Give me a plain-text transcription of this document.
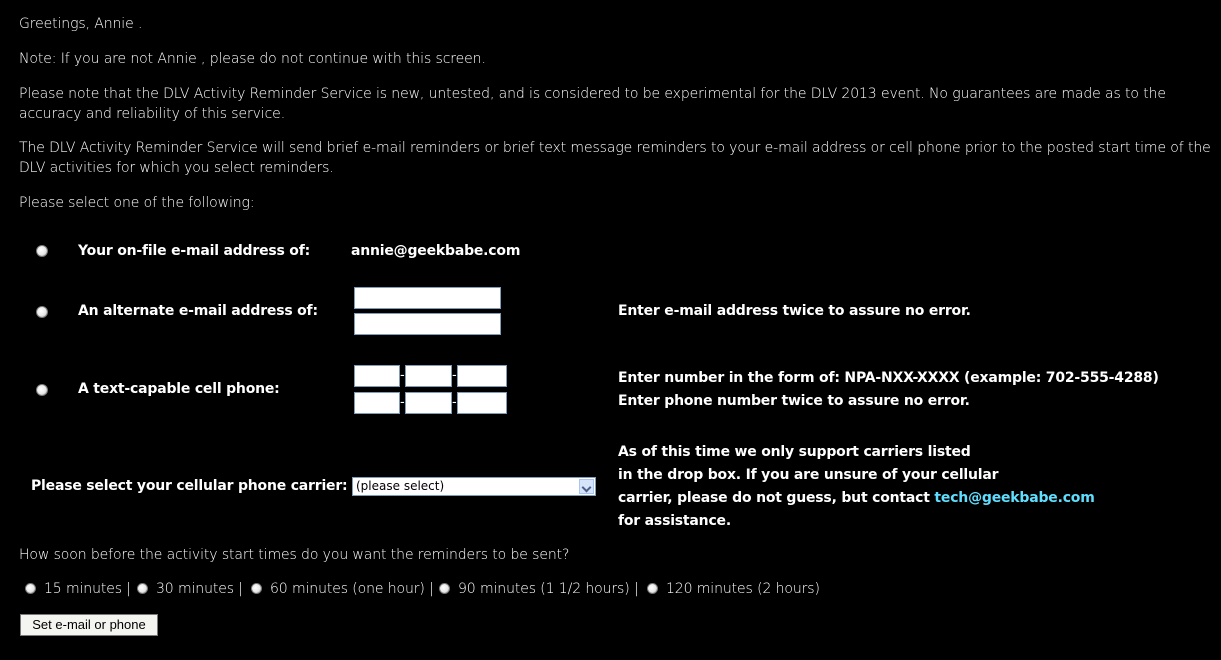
Greetings, Annie .
Note: If you are not Annie , please do not continue with this screen.
Please note that the DLV Activity Reminder Service is new, untested, and is considered to be experimental for the DLV 2013 event. No guarantees are made as to the accuracy and reliability of this service.
The DLV Activity Reminder Service will send brief e-mail reminders or brief text message reminders to your e-mail address or cell phone prior to the posted start time of the DLV activities for which you select reminders.
Please select one of the following:
Your on-file e-mail address of:	annie@geekbabe.com
An alternate e-mail address of:	Enter e-mail address twice to assure no error.
A text-capable cell phone:
-	-
-	-
Enter number in the form of: NPA-NXX-XXXX (example: 702-555-4288)
Enter phone number twice to assure no error.
Please select your cellular phone carrier: (please select)
As of this time we only support carriers listed
in the drop box. If you are unsure of your cellular
carrier, please do not guess, but contact tech@geekbabe.com
for assistance.
How soon before the activity start times do you want the reminders to be sent?
15 minutes |	30 minutes |	60 minutes (one hour) |	90 minutes (1 1/2 hours) |	120 minutes (2 hours)
Set e-mail or phone
